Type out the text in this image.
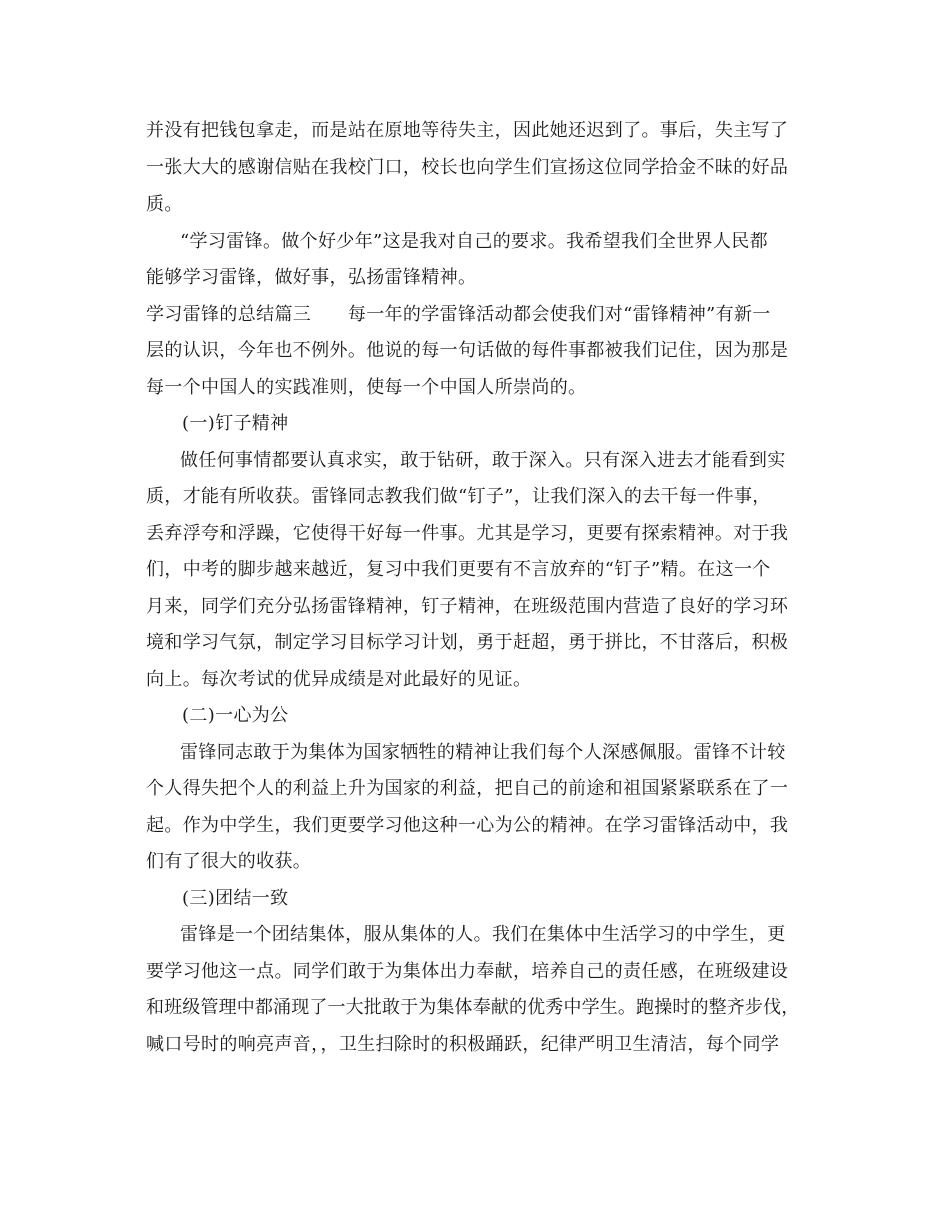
并没有把钱包拿走，而是站在原地等待失主，因此她还迟到了。事后，失主写了
一张大大的感谢信贴在我校门口，校长也向学生们宣扬这位同学拾金不昧的好品
质。
“学习雷锋。做个好少年”这是我对自己的要求。我希望我们全世界人民都
能够学习雷锋，做好事，弘扬雷锋精神。
学习雷锋的总结篇三　　每一年的学雷锋活动都会使我们对“雷锋精神”有新一
层的认识，今年也不例外。他说的每一句话做的每件事都被我们记住，因为那是
每一个中国人的实践准则，使每一个中国人所崇尚的。
(一)钉子精神
做任何事情都要认真求实，敢于钻研，敢于深入。只有深入进去才能看到实
质，才能有所收获。雷锋同志教我们做“钉子”，让我们深入的去干每一件事，
丢弃浮夸和浮躁，它使得干好每一件事。尤其是学习，更要有探索精神。对于我
们，中考的脚步越来越近，复习中我们更要有不言放弃的“钉子”精。在这一个
月来，同学们充分弘扬雷锋精神，钉子精神，在班级范围内营造了良好的学习环
境和学习气氛，制定学习目标学习计划，勇于赶超，勇于拼比，不甘落后，积极
向上。每次考试的优异成绩是对此最好的见证。
(二)一心为公
雷锋同志敢于为集体为国家牺牲的精神让我们每个人深感佩服。雷锋不计较
个人得失把个人的利益上升为国家的利益，把自己的前途和祖国紧紧联系在了一
起。作为中学生，我们更要学习他这种一心为公的精神。在学习雷锋活动中，我
们有了很大的收获。
(三)团结一致
雷锋是一个团结集体，服从集体的人。我们在集体中生活学习的中学生，更
要学习他这一点。同学们敢于为集体出力奉献，培养自己的责任感，在班级建设
和班级管理中都涌现了一大批敢于为集体奉献的优秀中学生。跑操时的整齐步伐，
喊口号时的响亮声音，，卫生扫除时的积极踊跃，纪律严明卫生清洁，每个同学
